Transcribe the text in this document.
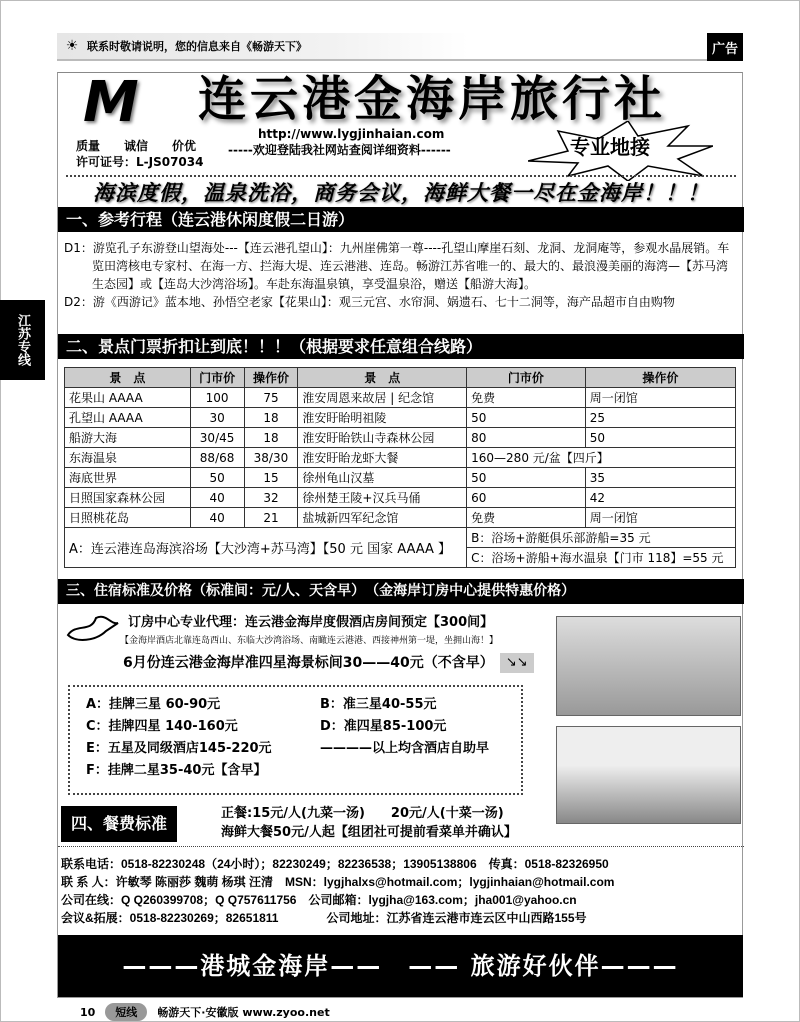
☀ 联系时敬请说明，您的信息来自《畅游天下》	广告
江苏专线
M	连云港金海岸旅行社
http://www.lygjinhaian.com
-----欢迎登陆我社网站查阅详细资料------
质量　　诚信　　价优
许可证号：L-JS07034
专业地接
海滨度假，温泉洗浴，商务会议，海鲜大餐一尽在金海岸！！！
一、参考行程（连云港休闲度假二日游）

D1：游览孔子东游登山望海处---【连云港孔望山】：九州崖佛第一尊----孔望山摩崖石刻、龙洞、龙洞庵等，参观水晶展销。车览田湾核电专家村、在海一方、拦海大堤、连云港港、连岛。畅游江苏省唯一的、最大的、最浪漫美丽的海湾—【苏马湾生态园】或【连岛大沙湾浴场】。车赴东海温泉镇，享受温泉浴，赠送【船游大海】。

D2：游《西游记》蓝本地、孙悟空老家【花果山】：观三元宫、水帘洞、娲遗石、七十二洞等，海产品超市自由购物

二、景点门票折扣让到底！！！（根据要求任意组合线路）
景　点	门市价	操作价	景　点	门市价	操作价
花果山 AAAA	100	75	淮安周恩来故居 | 纪念馆	免费	周一闭馆
孔望山 AAAA	30	18	淮安盱眙明祖陵	50	25
船游大海	30/45	18	淮安盱眙铁山寺森林公园	80	50
东海温泉	88/68	38/30	淮安盱眙龙虾大餐	160—280 元/盆【四斤】	
海底世界	50	15	徐州龟山汉墓	50	35
日照国家森林公园	40	32	徐州楚王陵+汉兵马俑	60	42
日照桃花岛	40	21	盐城新四军纪念馆	免费	周一闭馆
A：连云港连岛海滨浴场【大沙湾+苏马湾】【50 元 国家 AAAA 】				B：浴场+游艇俱乐部游船=35 元	
				C：浴场+游船+海水温泉【门市 118】=55 元	
三、住宿标准及价格（标准间：元/人、天含早）　（金海岸订房中心提供特惠价格）
订房中心专业代理：连云港金海岸度假酒店房间预定【300间】
【金海岸酒店北靠连岛西山、东临大沙湾浴场、南瞰连云港港、西接神州第一堤，坐拥山海！】
6月份连云港金海岸准四星海景标间30——40元（不含早） ↘↘
A：挂牌三星 60-90元	B：准三星40-55元
C：挂牌四星 140-160元	D：准四星85-100元
E：五星及同级酒店145-220元	————以上均含酒店自助早
F：挂牌二星35-40元【含早】
四、餐费标准
正餐:15元/人(九菜一汤)　　20元/人(十菜一汤)
海鲜大餐50元/人起【组团社可提前看菜单并确认】
联系电话：0518-82230248（24小时）；82230249；82236538；13905138806　传真：0518-82326950
联 系 人：许敏琴 陈丽莎 魏萌 杨琪 汪清　MSN：lygjhalxs@hotmail.com；lygjinhaian@hotmail.com
公司在线：Q Q260399708；Q Q757611756　公司邮箱：lygjha@163.com；jha001@yahoo.cn
会议&拓展：0518-82230269；82651811　　　　公司地址：江苏省连云港市连云区中山西路155号
———港城金海岸——　—— 旅游好伙伴———
10	短线	畅游天下·安徽版 www.zyoo.net
